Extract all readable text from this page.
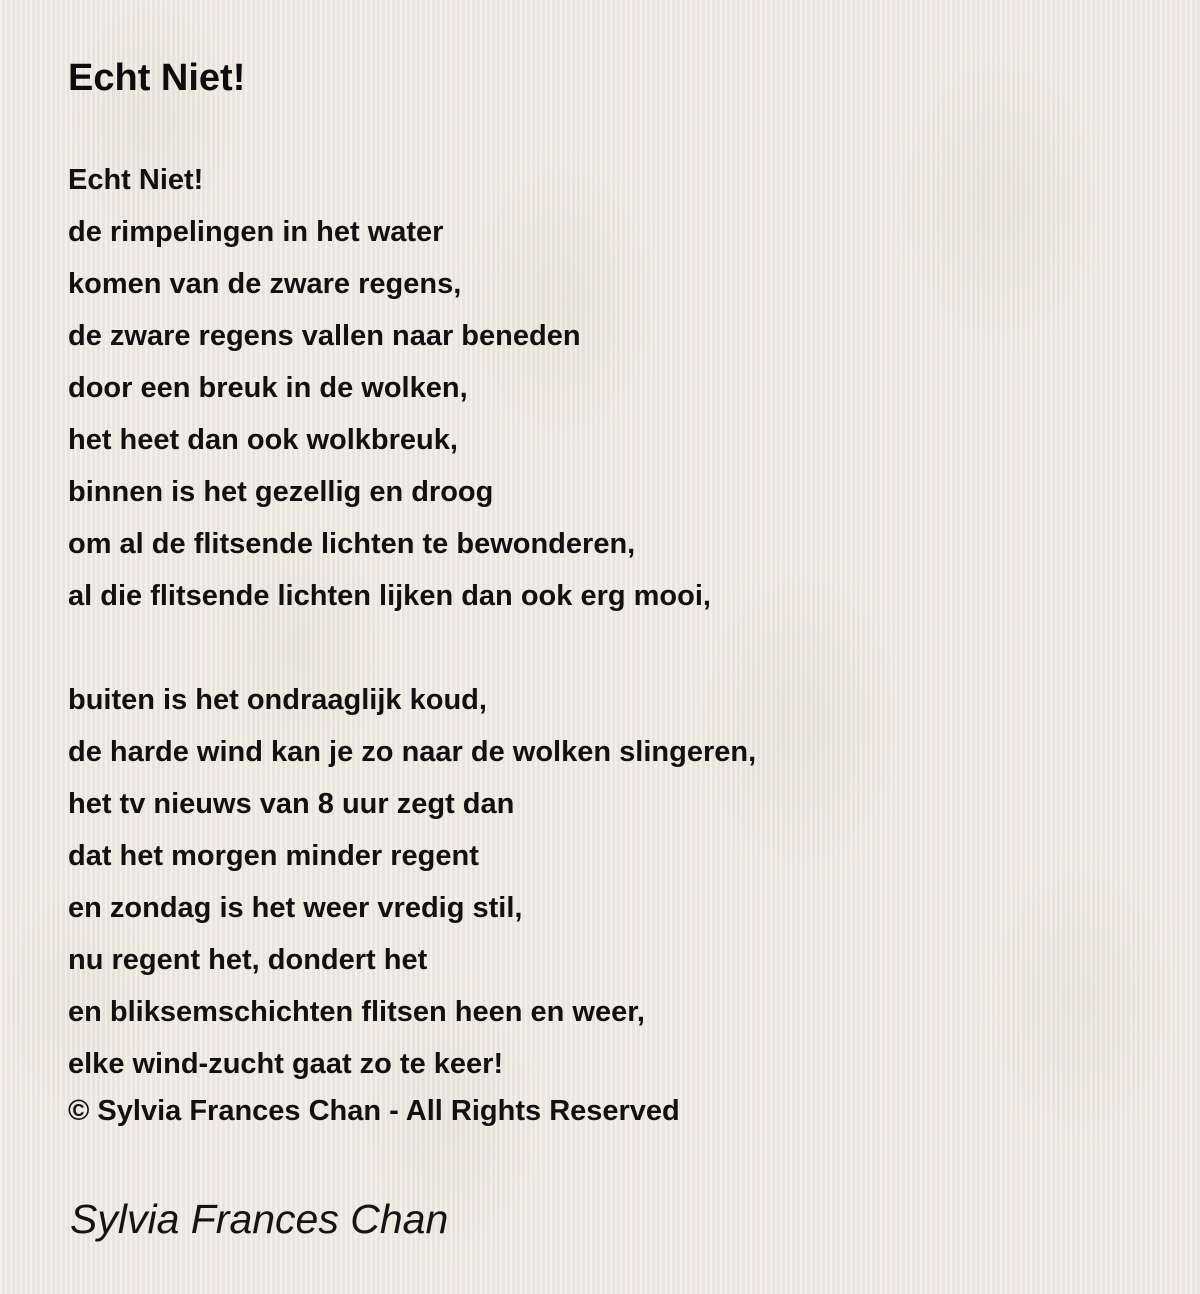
Echt Niet!
Echt Niet!
de rimpelingen in het water
komen van de zware regens,
de zware regens vallen naar beneden
door een breuk in de wolken,
het heet dan ook wolkbreuk,
binnen is het gezellig en droog
om al de flitsende lichten te bewonderen,
al die flitsende lichten lijken dan ook erg mooi,
buiten is het ondraaglijk koud,
de harde wind kan je zo naar de wolken slingeren,
het tv nieuws van 8 uur zegt dan
dat het morgen minder regent
en zondag is het weer vredig stil,
nu regent het, dondert het
en bliksemschichten flitsen heen en weer,
elke wind-zucht gaat zo te keer!
© Sylvia Frances Chan - All Rights Reserved
Sylvia Frances Chan
